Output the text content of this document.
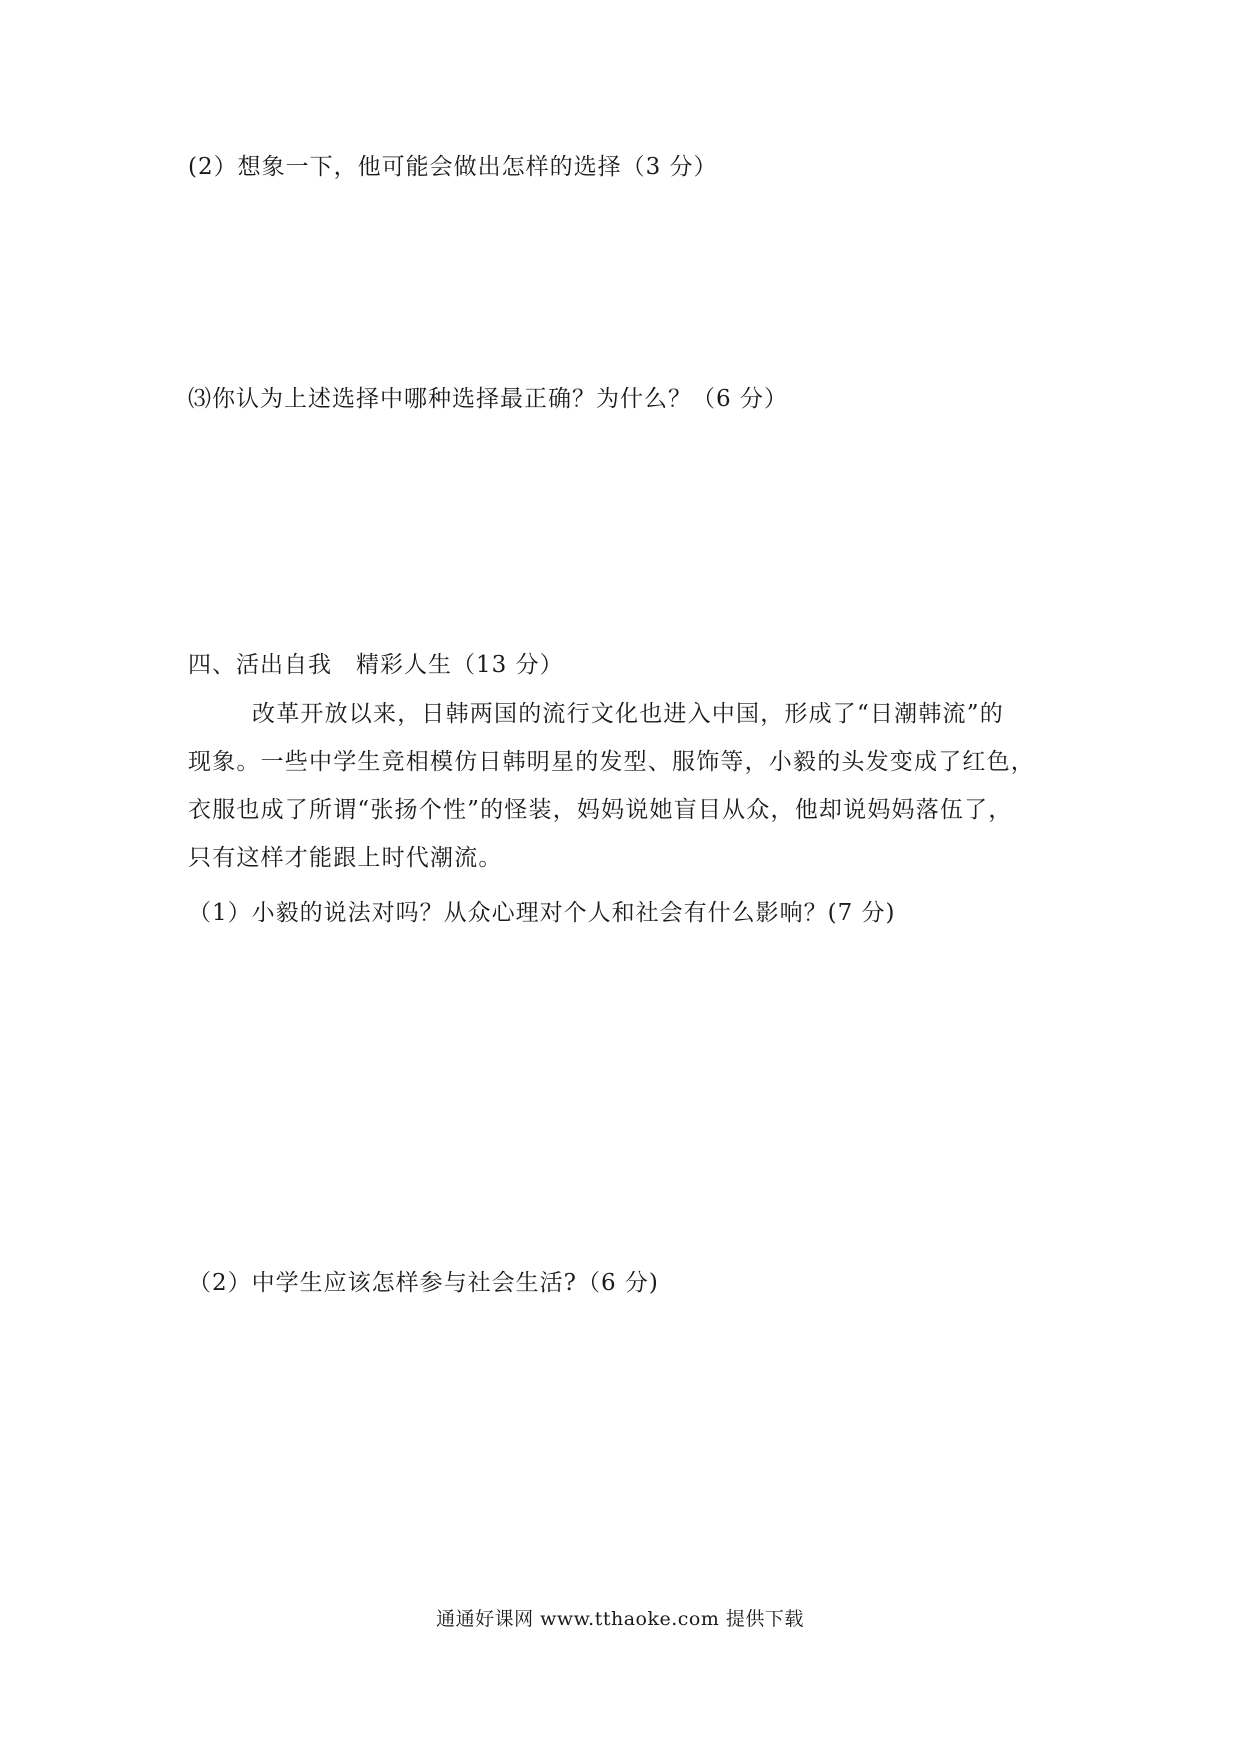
(2）想象一下，他可能会做出怎样的选择（3 分）
⑶你认为上述选择中哪种选择最正确？为什么？（6 分）
四、活出自我　精彩人生（13 分）

改革开放以来，日韩两国的流行文化也进入中国，形成了“日潮韩流”的

现象。一些中学生竞相模仿日韩明星的发型、服饰等，小毅的头发变成了红色，

衣服也成了所谓“张扬个性”的怪装，妈妈说她盲目从众，他却说妈妈落伍了，

只有这样才能跟上时代潮流。

（1）小毅的说法对吗？从众心理对个人和社会有什么影响？(7 分)
（2）中学生应该怎样参与社会生活?（6 分)
通通好课网 www.tthaoke.com 提供下载
